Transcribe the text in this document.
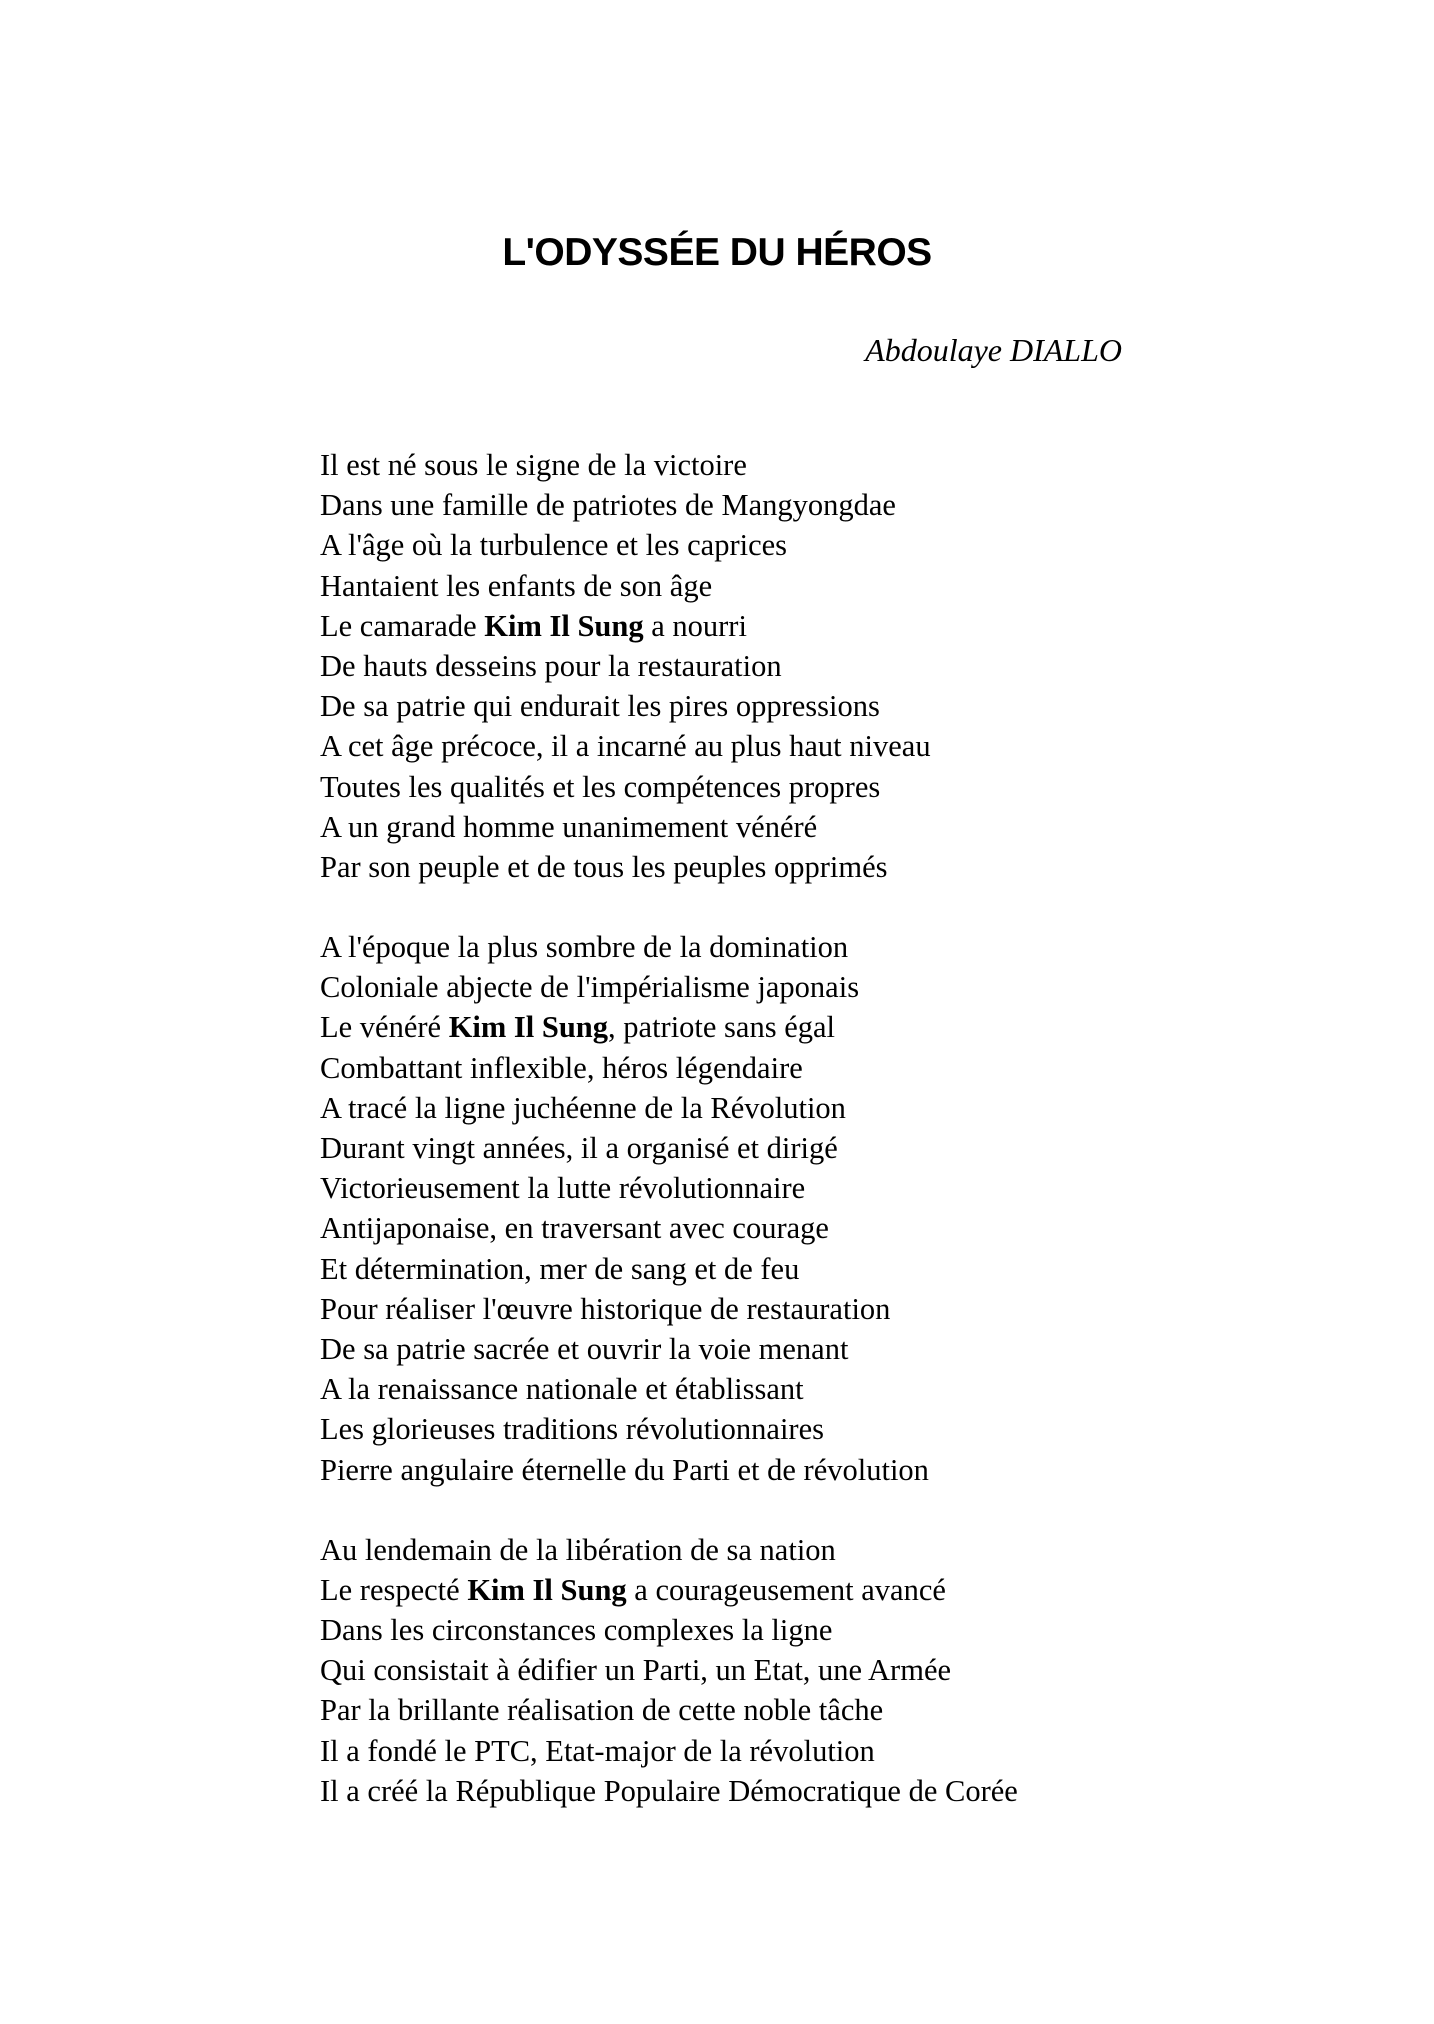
L'ODYSSÉE DU HÉROS

Abdoulaye DIALLO

Il est né sous le signe de la victoire
Dans une famille de patriotes de Mangyongdae
A l'âge où la turbulence et les caprices
Hantaient les enfants de son âge
Le camarade Kim Il Sung a nourri
De hauts desseins pour la restauration
De sa patrie qui endurait les pires oppressions
A cet âge précoce, il a incarné au plus haut niveau
Toutes les qualités et les compétences propres
A un grand homme unanimement vénéré
Par son peuple et de tous les peuples opprimés
A l'époque la plus sombre de la domination
Coloniale abjecte de l'impérialisme japonais
Le vénéré Kim Il Sung, patriote sans égal
Combattant inflexible, héros légendaire
A tracé la ligne juchéenne de la Révolution
Durant vingt années, il a organisé et dirigé
Victorieusement la lutte révolutionnaire
Antijaponaise, en traversant avec courage
Et détermination, mer de sang et de feu
Pour réaliser l'œuvre historique de restauration
De sa patrie sacrée et ouvrir la voie menant
A la renaissance nationale et établissant
Les glorieuses traditions révolutionnaires
Pierre angulaire éternelle du Parti et de révolution
Au lendemain de la libération de sa nation
Le respecté Kim Il Sung a courageusement avancé
Dans les circonstances complexes la ligne
Qui consistait à édifier un Parti, un Etat, une Armée
Par la brillante réalisation de cette noble tâche
Il a fondé le PTC, Etat-major de la révolution
Il a créé la République Populaire Démocratique de Corée
